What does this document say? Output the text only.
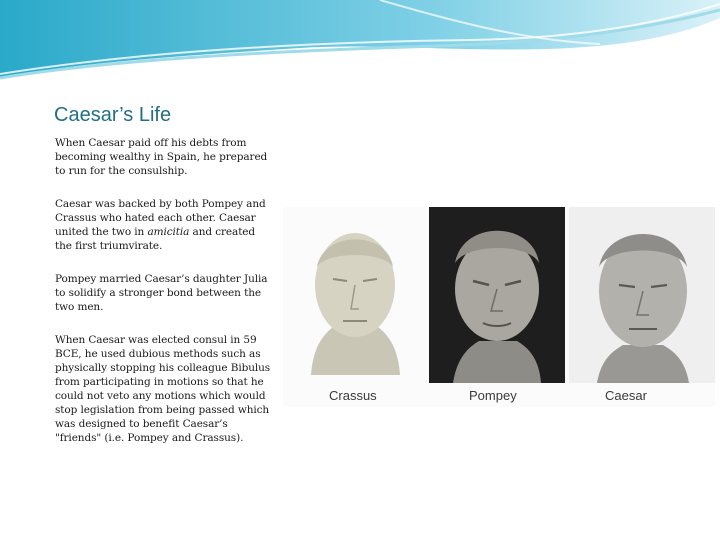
Caesar’s Life

When Caesar paid off his debts from becoming wealthy in Spain, he prepared to run for the consulship.

Caesar was backed by both Pompey and Crassus who hated each other. Caesar united the two in amicitia and created the first triumvirate.

Pompey married Caesar’s daughter Julia to solidify a stronger bond between the two men.

When Caesar was elected consul in 59 BCE, he used dubious methods such as physically stopping his colleague Bibulus from participating in motions so that he could not veto any motions which would stop legislation from being passed which was designed to benefit Caesar’s "friends" (i.e. Pompey and Crassus).

Crassus	Pompey	Caesar
